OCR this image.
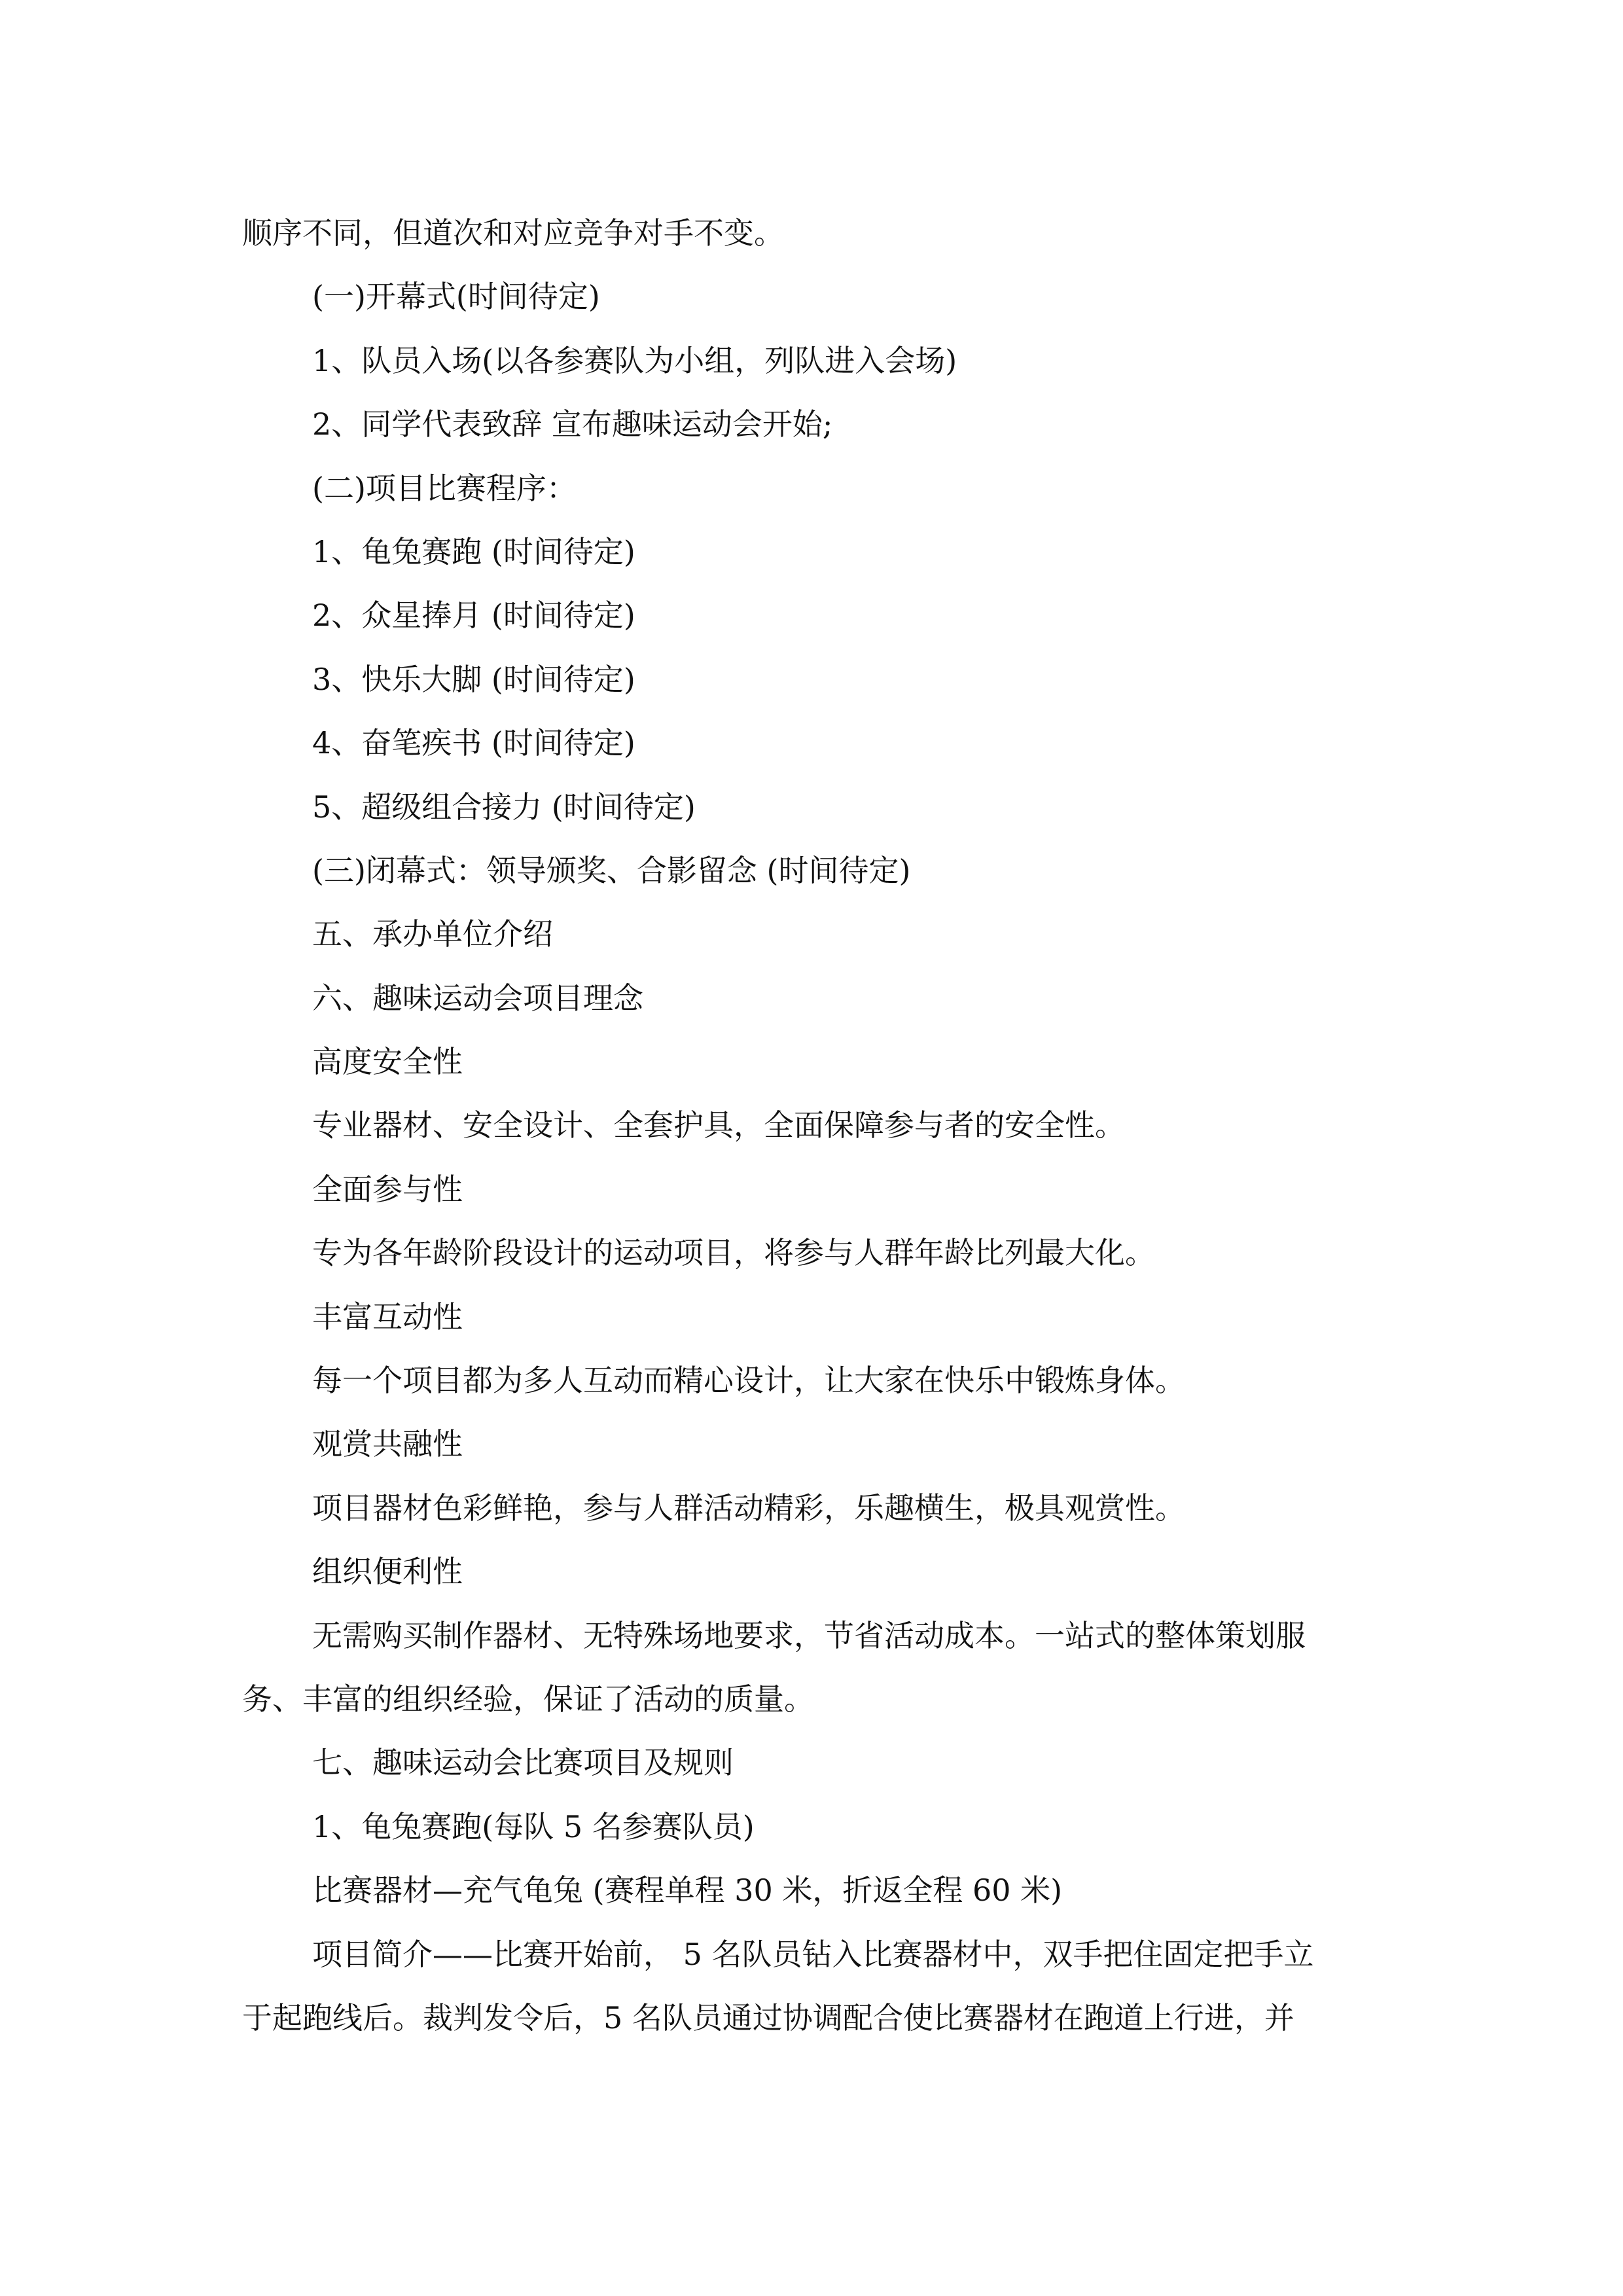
顺序不同，但道次和对应竞争对手不变。
(一)开幕式(时间待定)
1、队员入场(以各参赛队为小组，列队进入会场)
2、同学代表致辞 宣布趣味运动会开始;
(二)项目比赛程序：
1、龟兔赛跑 (时间待定)
2、众星捧月 (时间待定)
3、快乐大脚 (时间待定)
4、奋笔疾书 (时间待定)
5、超级组合接力 (时间待定)
(三)闭幕式：领导颁奖、合影留念 (时间待定)
五、承办单位介绍
六、趣味运动会项目理念
高度安全性
专业器材、安全设计、全套护具，全面保障参与者的安全性。
全面参与性
专为各年龄阶段设计的运动项目，将参与人群年龄比列最大化。
丰富互动性
每一个项目都为多人互动而精心设计，让大家在快乐中锻炼身体。
观赏共融性
项目器材色彩鲜艳，参与人群活动精彩，乐趣横生，极具观赏性。
组织便利性
无需购买制作器材、无特殊场地要求，节省活动成本。一站式的整体策划服
务、丰富的组织经验，保证了活动的质量。
七、趣味运动会比赛项目及规则
1、龟兔赛跑(每队 5 名参赛队员)
比赛器材—充气龟兔 (赛程单程 30 米，折返全程 60 米)
项目简介——比赛开始前， 5 名队员钻入比赛器材中，双手把住固定把手立
于起跑线后。裁判发令后，5 名队员通过协调配合使比赛器材在跑道上行进，并
